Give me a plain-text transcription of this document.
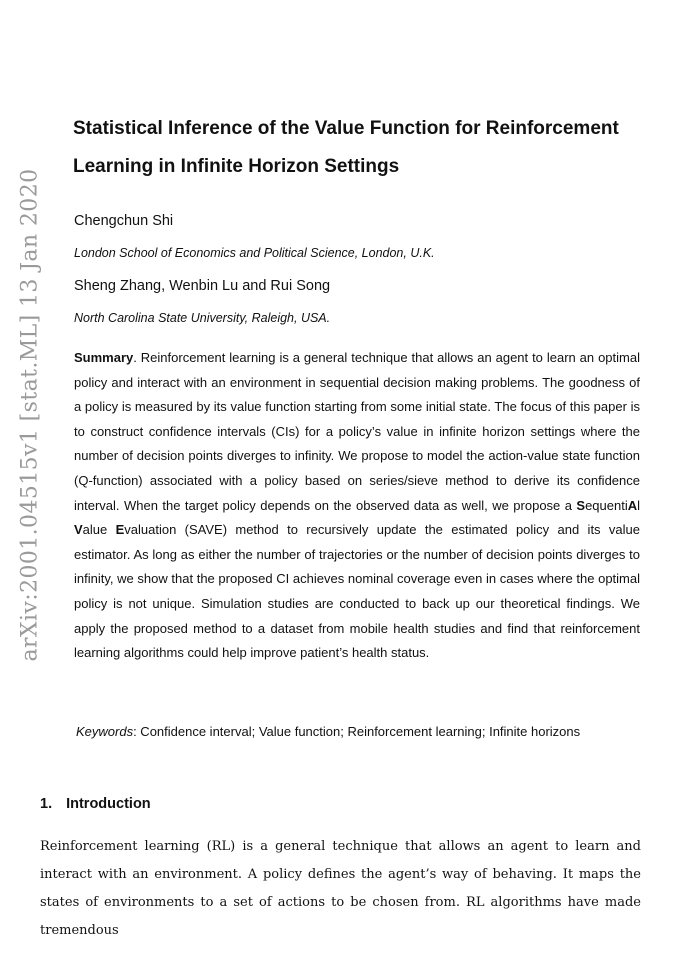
arXiv:2001.04515v1 [stat.ML] 13 Jan 2020
Statistical Inference of the Value Function for Reinforcement
Learning in Infinite Horizon Settings
Chengchun Shi
London School of Economics and Political Science, London, U.K.
Sheng Zhang, Wenbin Lu and Rui Song
North Carolina State University, Raleigh, USA.

Summary. Reinforcement learning is a general technique that allows an agent to learn an optimal policy and interact with an environment in sequential decision making problems. The goodness of a policy is measured by its value function starting from some initial state. The focus of this paper is to construct confidence intervals (CIs) for a policy’s value in infinite horizon settings where the number of decision points diverges to infinity. We propose to model the action-value state function (Q-function) associated with a policy based on series/sieve method to derive its confidence interval. When the target policy depends on the observed data as well, we propose a SequentiAl Value Evaluation (SAVE) method to recursively update the estimated policy and its value estimator. As long as either the number of trajectories or the number of decision points diverges to infinity, we show that the proposed CI achieves nominal coverage even in cases where the optimal policy is not unique. Simulation studies are conducted to back up our theoretical findings. We apply the proposed method to a dataset from mobile health studies and find that reinforcement learning algorithms could help improve patient’s health status.

Keywords: Confidence interval; Value function; Reinforcement learning; Infinite horizons

1. Introduction

Reinforcement learning (RL) is a general technique that allows an agent to learn and interact with an environment. A policy defines the agent’s way of behaving. It maps the states of environments to a set of actions to be chosen from. RL algorithms have made tremendous
